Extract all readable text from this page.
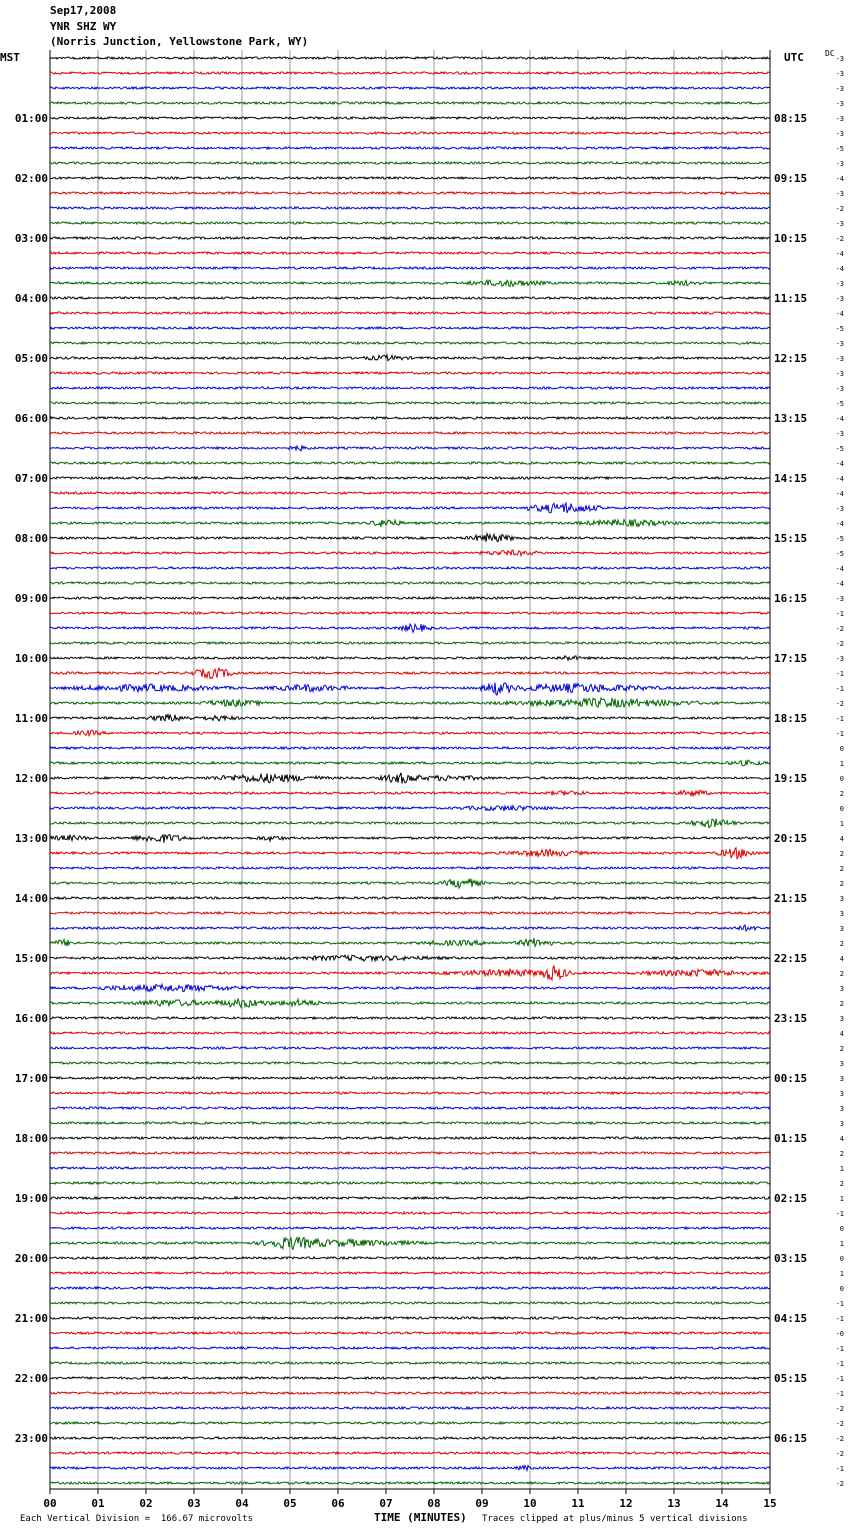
01:00
02:00
03:00
04:00
05:00
06:00
07:00
08:00
09:00
10:00
11:00
12:00
13:00
14:00
15:00
16:00
17:00
18:00
19:00
20:00
21:00
22:00
23:00
08:15
09:15
10:15
11:15
12:15
13:15
14:15
15:15
16:15
17:15
18:15
19:15
20:15
21:15
22:15
23:15
00:15
01:15
02:15
03:15
04:15
05:15
06:15
-3
-3
-3
-3
-3
-3
-5
-3
-4
-3
-2
-3
-2
-4
-4
-3
-3
-4
-5
-3
-3
-3
-3
-5
-4
-3
-5
-4
-4
-4
-3
-4
-5
-5
-4
-4
-3
-1
-2
-2
-3
-1
-1
-2
-1
-1
0
1
0
2
0
1
4
2
2
2
3
3
3
2
4
2
3
2
3
4
2
3
3
3
3
3
4
2
1
2
1
-1
0
1
0
1
0
-1
-1
-0
-1
-1
-1
-1
-2
-2
-2
-2
-1
-2
00	01	02	03	04	05	06	07	08	09	10	11	12	13	14	15
Sep17,2008
YNR SHZ WY
(Norris Junction, Yellowstone Park, WY)
MST	UTC	DC
Each Vertical Division =  166.67 microvolts	TIME (MINUTES) Traces clipped at plus/minus 5 vertical divisions
